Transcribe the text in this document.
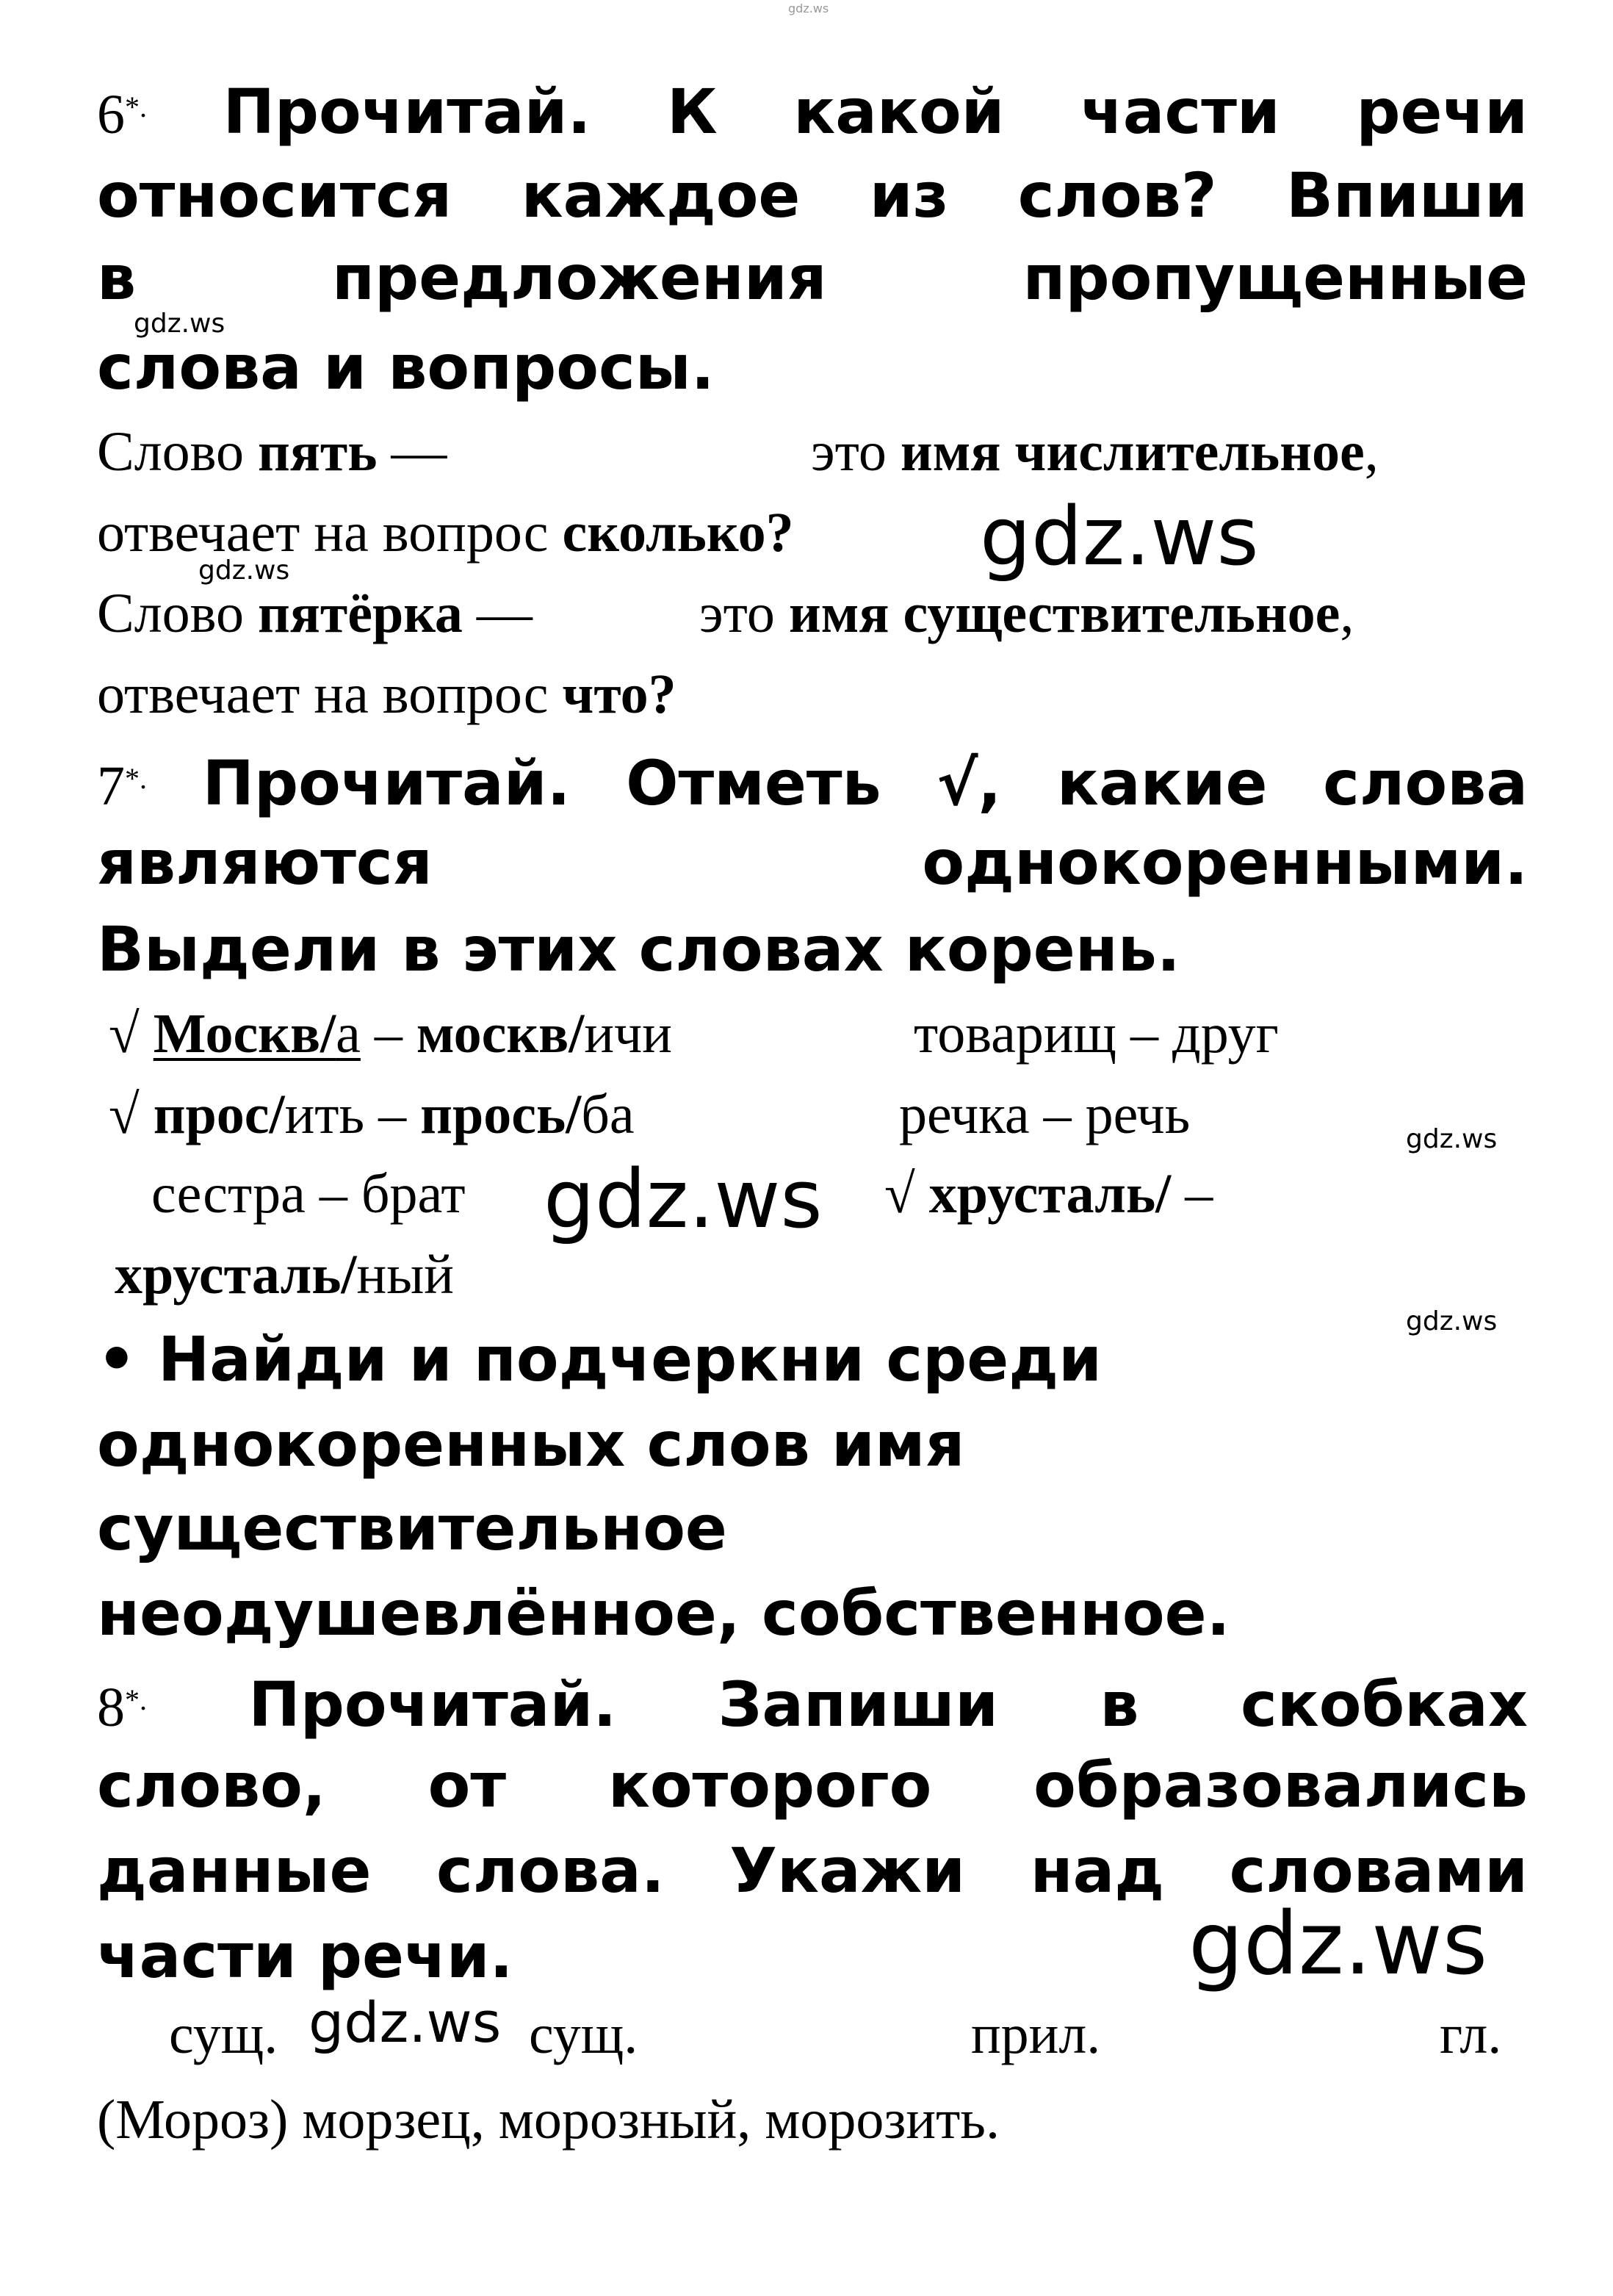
gdz.ws
6*. Прочитай. К какой части речи
относится каждое из слов? Впиши
в	предложения	пропущенные
слова и вопросы.
gdz.ws
Слово пять —	это имя числительное,
отвечает на вопрос сколько? gdz.ws
gdz.ws
Слово пятёрка —	это имя существительное,
отвечает на вопрос что?
7*. Прочитай. Отметь √, какие слова
являются	однокоренными.
Выдели в этих словах корень.
√ Москв/а – москв/ичи	товарищ – друг
√ прос/ить – прось/ба	речка – речь	gdz.ws
сестра – брат gdz.ws √ хрусталь/ –
хрусталь/ный
gdz.ws
• Найди и подчеркни среди
однокоренных слов имя
существительное
неодушевлённое, собственное.
8*. Прочитай. Запиши в скобках
слово, от которого образовались
данные слова. Укажи над словами
части речи.	gdz.ws
сущ. gdz.ws сущ.	прил.	гл.
(Мороз) морзец, морозный, морозить.
